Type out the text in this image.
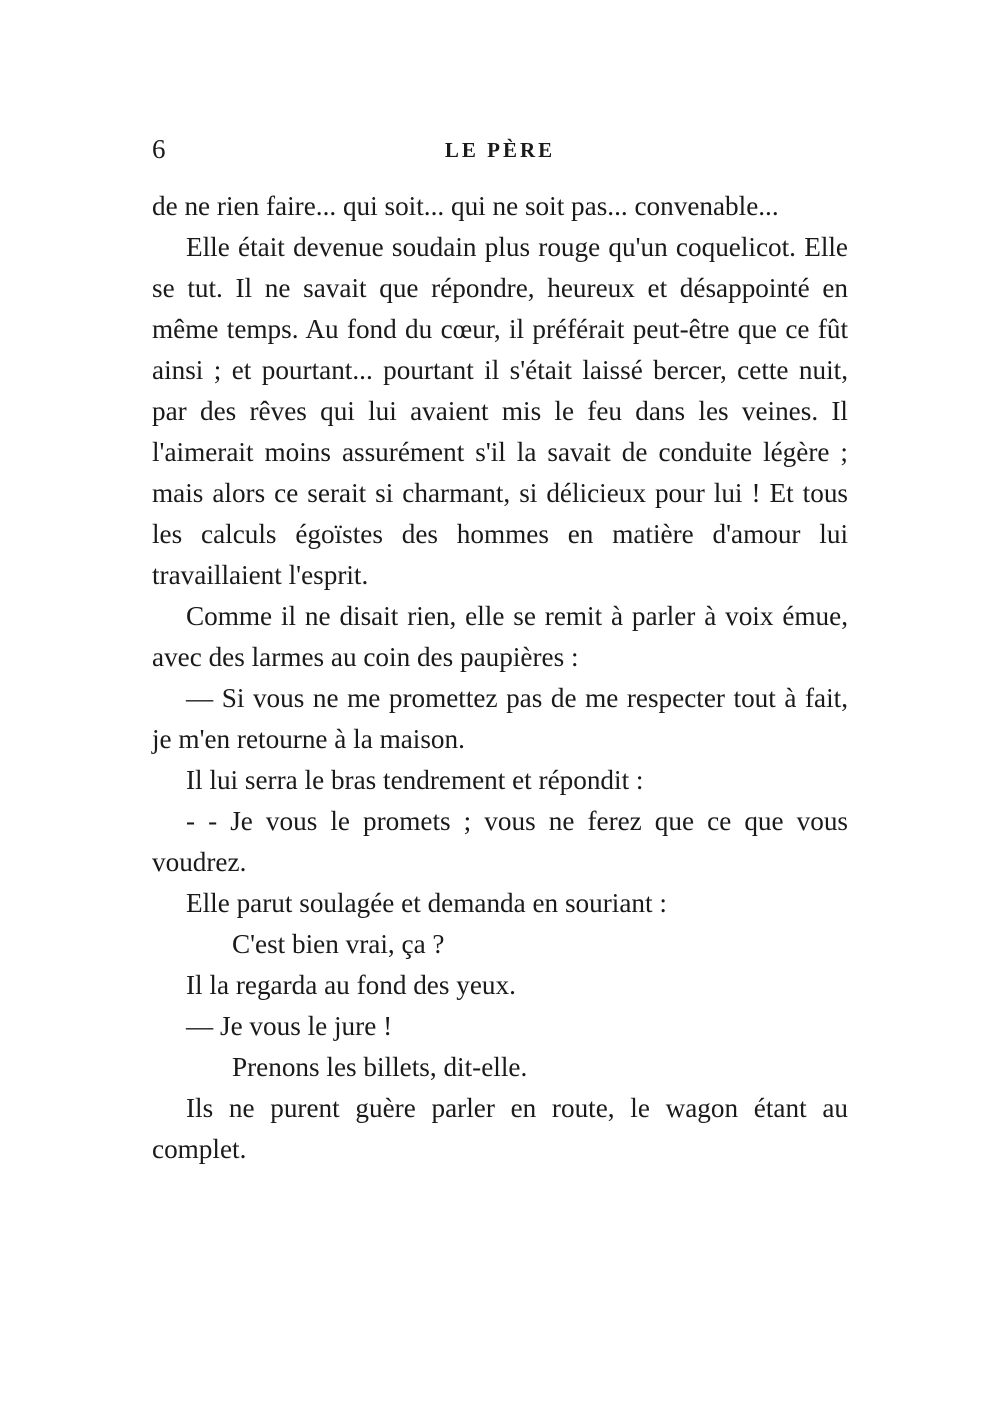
6	LE PÈRE

de ne rien faire... qui soit... qui ne soit pas... convenable...

Elle était devenue soudain plus rouge qu'un coquelicot. Elle se tut. Il ne savait que répondre, heureux et désappointé en même temps. Au fond du cœur, il préférait peut-être que ce fût ainsi ; et pourtant... pourtant il s'était laissé bercer, cette nuit, par des rêves qui lui avaient mis le feu dans les veines. Il l'aimerait moins assurément s'il la savait de conduite légère ; mais alors ce serait si charmant, si délicieux pour lui ! Et tous les calculs égoïstes des hommes en matière d'amour lui travaillaient l'esprit.

Comme il ne disait rien, elle se remit à parler à voix émue, avec des larmes au coin des paupières :

— Si vous ne me promettez pas de me respecter tout à fait, je m'en retourne à la maison.

Il lui serra le bras tendrement et répondit :

- - Je vous le promets ; vous ne ferez que ce que vous voudrez.

Elle parut soulagée et demanda en souriant :

C'est bien vrai, ça ?

Il la regarda au fond des yeux.

— Je vous le jure !

Prenons les billets, dit-elle.

Ils ne purent guère parler en route, le wagon étant au complet.
